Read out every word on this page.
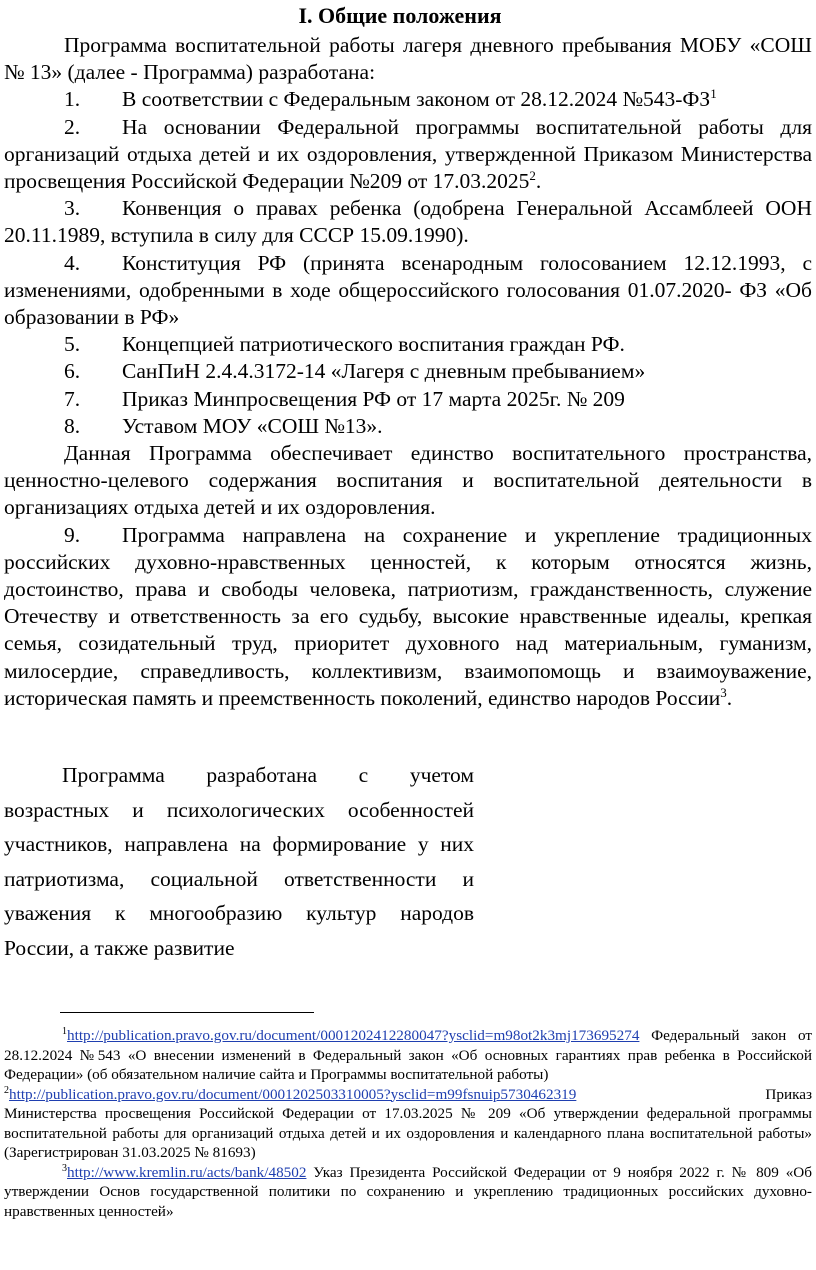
I. Общие положения

Программа воспитательной работы лагеря дневного пребывания МОБУ «СОШ № 13» (далее - Программа) разработана:

1. В соответствии с Федеральным законом от 28.12.2024 $№543-ФЗ^1$

2. На основании Федеральной программы воспитательной работы для организаций отдыха детей и их оздоровления, утвержденной Приказом Министерства просвещения Российской Федерации №209 от 17.03.2025$^2$.

3. Конвенция о правах ребенка (одобрена Генеральной Ассамблеей ООН 20.11.1989, вступила в силу для СССР 15.09.1990).

4. Конституция РФ (принята всенародным голосованием 12.12.1993, с изменениями, одобренными в ходе общероссийского голосования 01.07.2020- ФЗ «Об образовании в РФ»

5. Концепцией патриотического воспитания граждан РФ.

6. СанПиН 2.4.4.3172-14 «Лагеря с дневным пребыванием»

7. Приказ Минпросвещения РФ от 17 марта 2025г. № 209

8. Уставом МОУ «СОШ №13».

Данная Программа обеспечивает единство воспитательного пространства, ценностно-целевого содержания воспитания и воспитательной деятельности в организациях отдыха детей и их оздоровления.

9. Программа направлена на сохранение и укрепление традиционных российских духовно-нравственных ценностей, к которым относятся жизнь, достоинство, права и свободы человека, патриотизм, гражданственность, служение Отечеству и ответственность за его судьбу, высокие нравственные идеалы, крепкая семья, созидательный труд, приоритет духовного над материальным, гуманизм, милосердие, справедливость, коллективизм, взаимопомощь и взаимоуважение, историческая память и преемственность поколений, единство народов России$^3$.

Программа разработана с учетом возрастных и психологических особенностей участников, направлена на формирование у них патриотизма, социальной ответственности и уважения к многообразию культур народов России, а также развитие

$^1$http://publication.pravo.gov.ru/document/0001202412280047?ysclid=m98ot2k3mj173695274 Федеральный закон от 28.12.2024 №543 «О внесении изменений в Федеральный закон «Об основных гарантиях прав ребенка в Российской Федерации» (об обязательном наличие сайта и Программы воспитательной работы)

$^2$http://publication.pravo.gov.ru/document/0001202503310005?ysclid=m99fsnuip5730462319	Приказ

Министерства просвещения Российской Федерации от 17.03.2025 № 209 «Об утверждении федеральной программы воспитательной работы для организаций отдыха детей и их оздоровления и календарного плана воспитательной работы» (Зарегистрирован 31.03.2025 № 81693)

$^3$http://www.kremlin.ru/acts/bank/48502 Указ Президента Российской Федерации от 9 ноября 2022 г. № 809 «Об утверждении Основ государственной политики по сохранению и укреплению традиционных российских духовно-нравственных ценностей»
